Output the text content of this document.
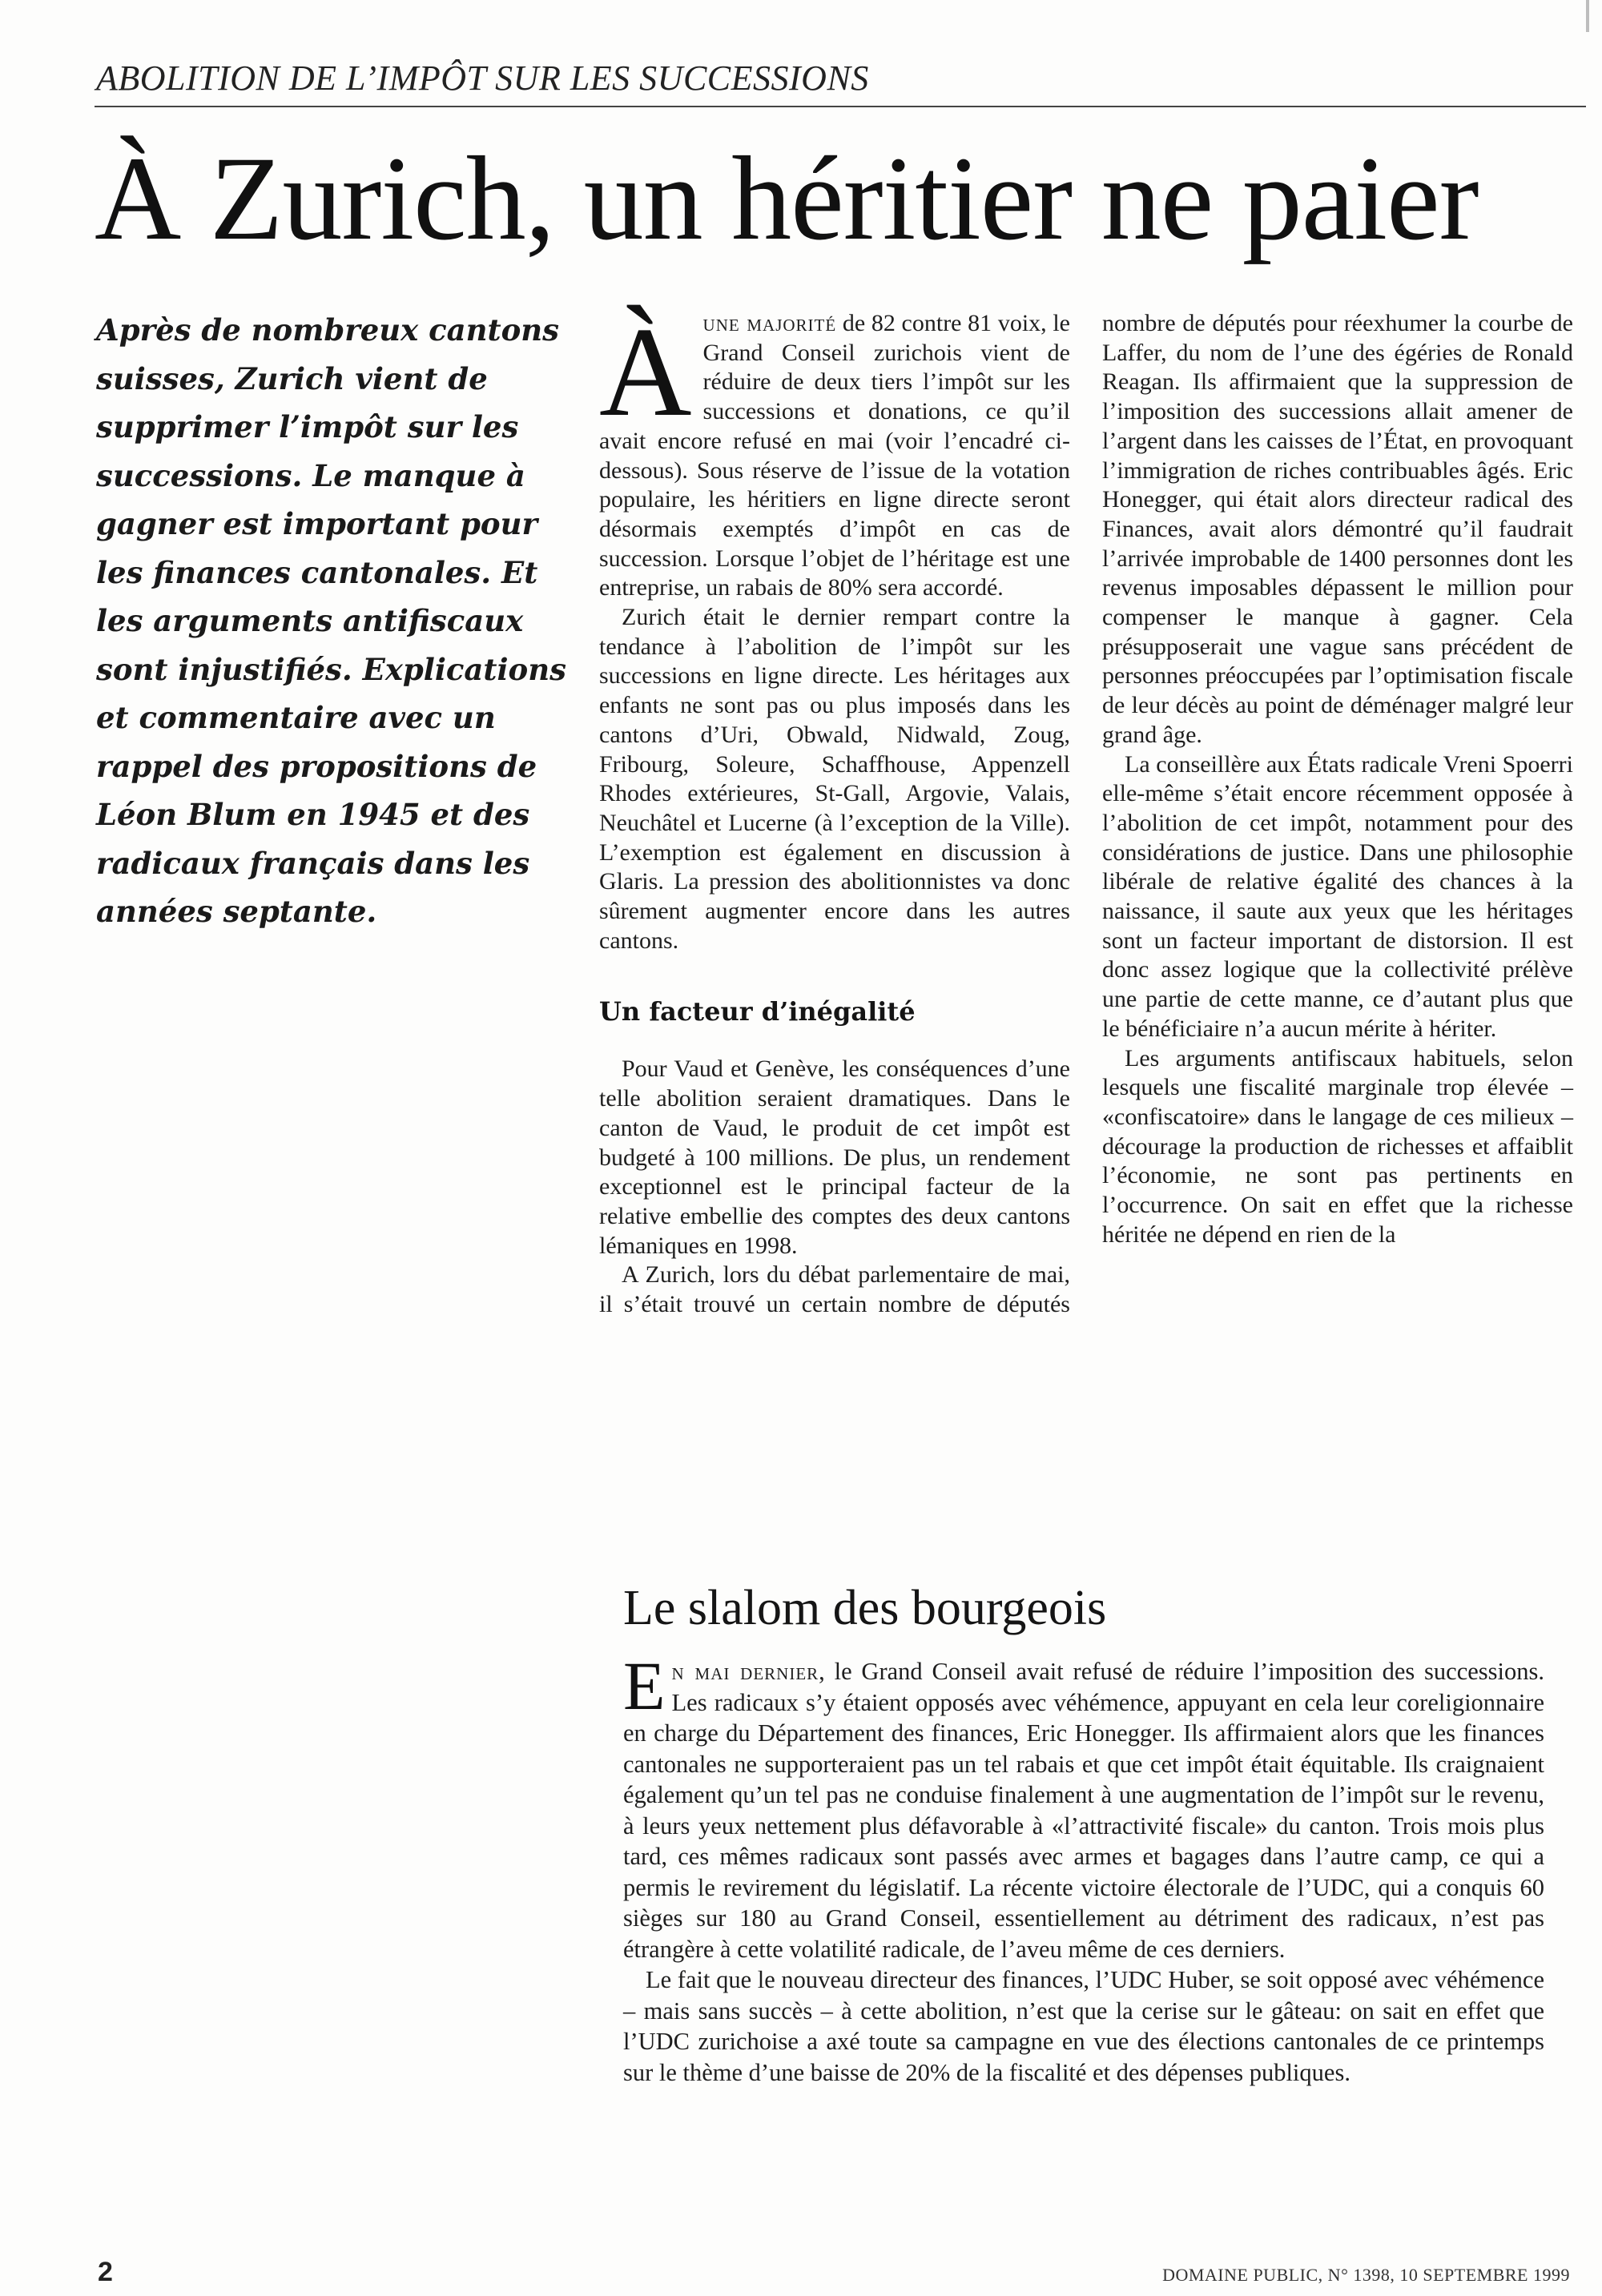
ABOLITION DE L’IMPÔT SUR LES SUCCESSIONS
À Zurich, un héritier ne paier
Après de nombreux cantons suisses, Zurich vient de supprimer l’impôt sur les successions. Le manque à gagner est important pour les finances cantonales. Et les arguments antifiscaux sont injustifiés. Explications et commentaire avec un rappel des propositions de Léon Blum en 1945 et des radicaux français dans les années septante.

Àune majorité de 82 contre 81 voix, le Grand Conseil zurichois vient de réduire de deux tiers l’impôt sur les successions et donations, ce qu’il avait encore refusé en mai (voir l’encadré ci-dessous). Sous réserve de l’issue de la votation populaire, les héritiers en ligne directe seront désormais exemptés d’impôt en cas de succession. Lorsque l’objet de l’héritage est une entreprise, un rabais de 80% sera accordé.

Zurich était le dernier rempart contre la tendance à l’abolition de l’impôt sur les successions en ligne directe. Les héritages aux enfants ne sont pas ou plus imposés dans les cantons d’Uri, Obwald, Nidwald, Zoug, Fribourg, Soleure, Schaffhouse, Appenzell Rhodes extérieures, St-Gall, Argovie, Valais, Neuchâtel et Lucerne (à l’exception de la Ville). L’exemption est également en discussion à Glaris. La pression des abolitionnistes va donc sûrement augmenter encore dans les autres cantons.

Un facteur d’inégalité

Pour Vaud et Genève, les conséquences d’une telle abolition seraient dramatiques. Dans le canton de Vaud, le produit de cet impôt est budgeté à 100 millions. De plus, un rendement exceptionnel est le principal facteur de la relative embellie des comptes des deux cantons lémaniques en 1998.

A Zurich, lors du débat parlementaire de mai, il s’était trouvé un certain nombre de députés

nombre de députés pour réexhumer la courbe de Laffer, du nom de l’une des égéries de Ronald Reagan. Ils affirmaient que la suppression de l’imposition des successions allait amener de l’argent dans les caisses de l’État, en provoquant l’immigration de riches contribuables âgés. Eric Honegger, qui était alors directeur radical des Finances, avait alors démontré qu’il faudrait l’arrivée improbable de 1400 personnes dont les revenus imposables dépassent le million pour compenser le manque à gagner. Cela présupposerait une vague sans précédent de personnes préoccupées par l’optimisation fiscale de leur décès au point de déménager malgré leur grand âge.

La conseillère aux États radicale Vreni Spoerri elle-même s’était encore récemment opposée à l’abolition de cet impôt, notamment pour des considérations de justice. Dans une philosophie libérale de relative égalité des chances à la naissance, il saute aux yeux que les héritages sont un facteur important de distorsion. Il est donc assez logique que la collectivité prélève une partie de cette manne, ce d’autant plus que le bénéficiaire n’a aucun mérite à hériter.

Les arguments antifiscaux habituels, selon lesquels une fiscalité marginale trop élevée – «confiscatoire» dans le langage de ces milieux – décourage la production de richesses et affaiblit l’économie, ne sont pas pertinents en l’occurrence. On sait en effet que la richesse héritée ne dépend en rien de la

Le slalom des bourgeois

En mai dernier, le Grand Conseil avait refusé de réduire l’imposition des successions. Les radicaux s’y étaient opposés avec véhémence, appuyant en cela leur coreligionnaire en charge du Département des finances, Eric Honegger. Ils affirmaient alors que les finances cantonales ne supporteraient pas un tel rabais et que cet impôt était équitable. Ils craignaient également qu’un tel pas ne conduise finalement à une augmentation de l’impôt sur le revenu, à leurs yeux nettement plus défavorable à «l’attractivité fiscale» du canton. Trois mois plus tard, ces mêmes radicaux sont passés avec armes et bagages dans l’autre camp, ce qui a permis le revirement du législatif. La récente victoire électorale de l’UDC, qui a conquis 60 sièges sur 180 au Grand Conseil, essentiellement au détriment des radicaux, n’est pas étrangère à cette volatilité radicale, de l’aveu même de ces derniers.

Le fait que le nouveau directeur des finances, l’UDC Huber, se soit opposé avec véhémence – mais sans succès – à cette abolition, n’est que la cerise sur le gâteau: on sait en effet que l’UDC zurichoise a axé toute sa campagne en vue des élections cantonales de ce printemps sur le thème d’une baisse de 20% de la fiscalité et des dépenses publiques.

2	DOMAINE PUBLIC, N° 1398, 10 SEPTEMBRE 1999
